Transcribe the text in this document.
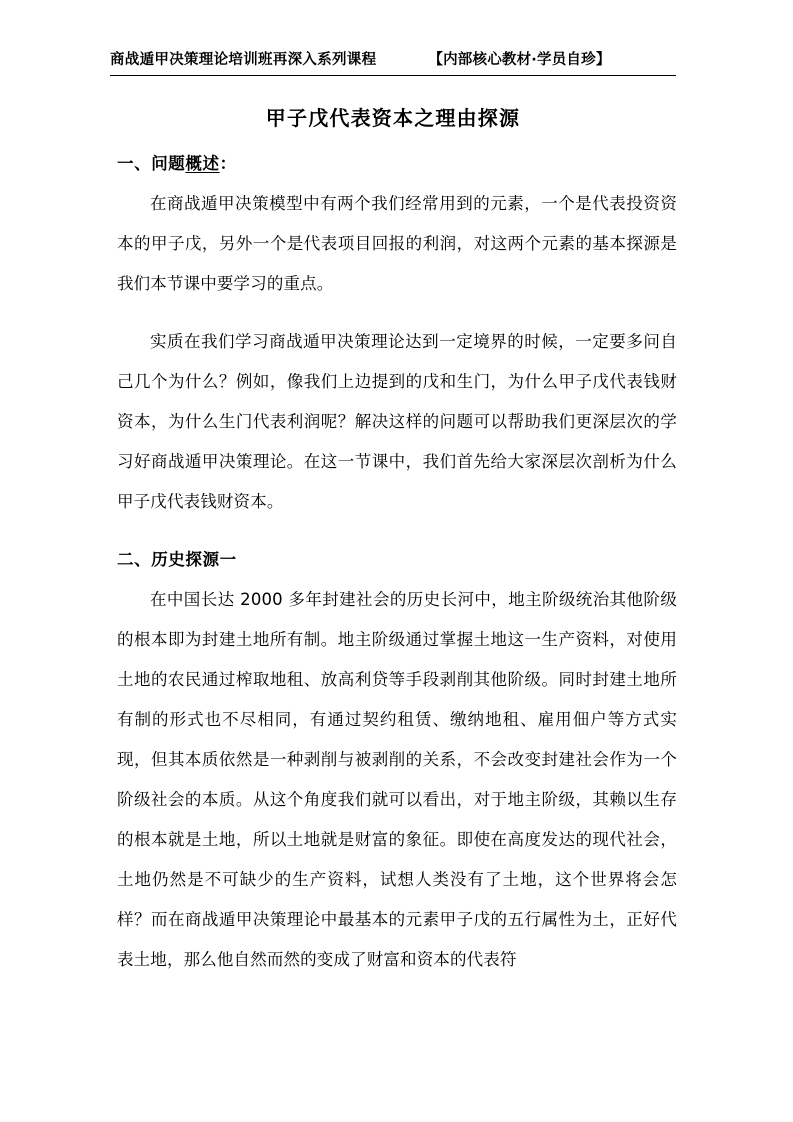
商战遁甲决策理论培训班再深入系列课程	【内部核心教材·学员自珍】
甲子戊代表资本之理由探源
一、问题概述：

在商战遁甲决策模型中有两个我们经常用到的元素，一个是代表投资资本的甲子戊，另外一个是代表项目回报的利润，对这两个元素的基本探源是我们本节课中要学习的重点。

实质在我们学习商战遁甲决策理论达到一定境界的时候，一定要多问自己几个为什么？例如，像我们上边提到的戊和生门，为什么甲子戊代表钱财资本，为什么生门代表利润呢？解决这样的问题可以帮助我们更深层次的学习好商战遁甲决策理论。在这一节课中，我们首先给大家深层次剖析为什么甲子戊代表钱财资本。

二、历史探源一

在中国长达 2000 多年封建社会的历史长河中，地主阶级统治其他阶级的根本即为封建土地所有制。地主阶级通过掌握土地这一生产资料，对使用土地的农民通过榨取地租、放高利贷等手段剥削其他阶级。同时封建土地所有制的形式也不尽相同，有通过契约租赁、缴纳地租、雇用佃户等方式实现，但其本质依然是一种剥削与被剥削的关系，不会改变封建社会作为一个阶级社会的本质。从这个角度我们就可以看出，对于地主阶级，其赖以生存的根本就是土地，所以土地就是财富的象征。即使在高度发达的现代社会，土地仍然是不可缺少的生产资料，试想人类没有了土地，这个世界将会怎样？而在商战遁甲决策理论中最基本的元素甲子戊的五行属性为土，正好代表土地，那么他自然而然的变成了财富和资本的代表符
